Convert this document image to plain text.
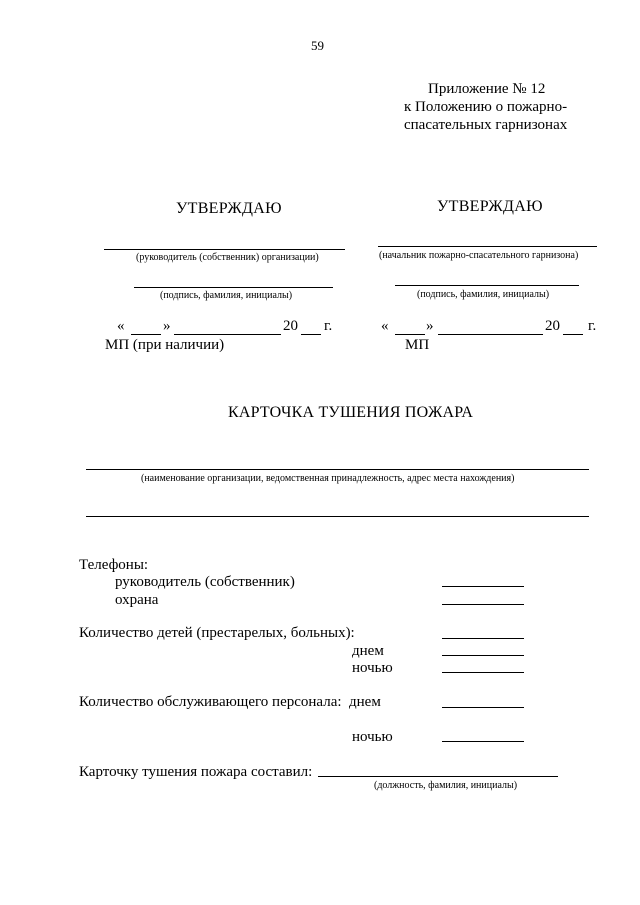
59
Приложение № 12
к Положению о пожарно-
спасательных гарнизонах
УТВЕРЖДАЮ
(руководитель (собственник) организации)
(подпись, фамилия, инициалы)
«	»	20 г.
МП (при наличии)
УТВЕРЖДАЮ
(начальник пожарно-спасательного гарнизона)
(подпись, фамилия, инициалы)
«	»	20 г.
МП
КАРТОЧКА ТУШЕНИЯ ПОЖАРА
(наименование организации, ведомственная принадлежность, адрес места нахождения)
Телефоны:
руководитель (собственник)
охрана
Количество детей (престарелых, больных):
днем
ночью
Количество обслуживающего персонала: днем
ночью
Карточку тушения пожара составил:
(должность, фамилия, инициалы)
